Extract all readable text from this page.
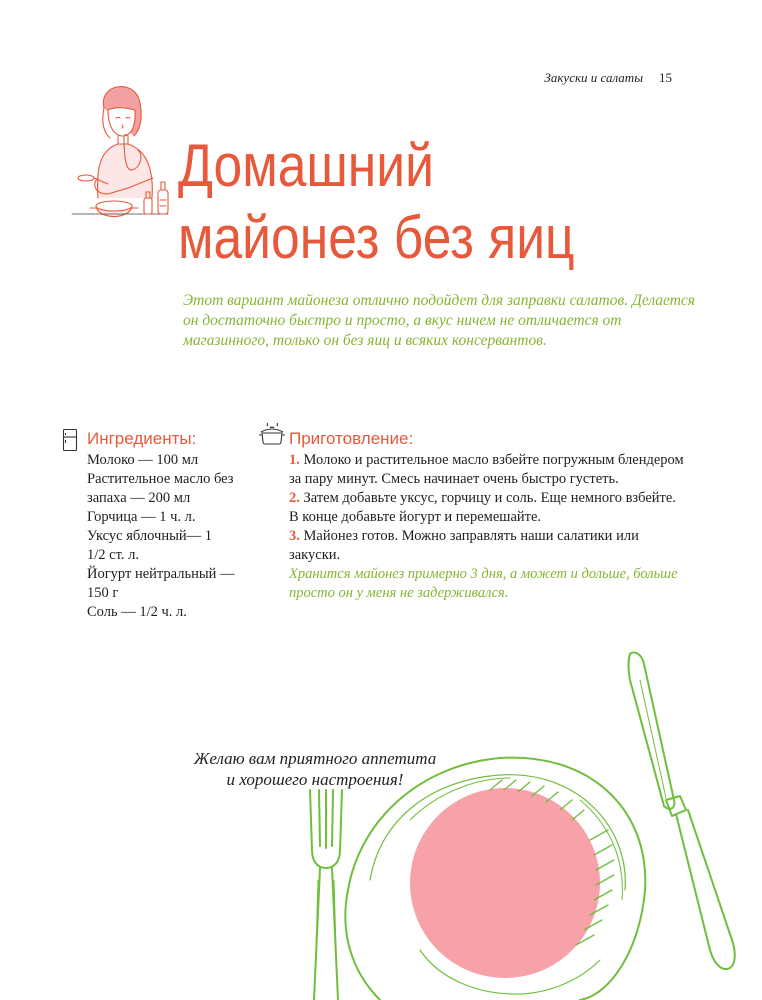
Закуски и салаты 15
Домашний
майонез без яиц
Этот вариант майонеза отлично подойдет для заправки салатов. Делается он достаточно быстро и просто, а вкус ничем не отличается от магазинного, только он без яиц и всяких консервантов.
Ингредиенты:
Молоко — 100 мл
Растительное масло без запаха — 200 мл
Горчица — 1 ч. л.
Уксус яблочный— 1 1/2 ст. л.
Йогурт нейтральный — 150 г
Соль — 1/2 ч. л.
Приготовление:
1. Молоко и растительное масло взбейте погружным блендером за пару минут. Смесь начинает очень быстро густеть.
2. Затем добавьте уксус, горчицу и соль. Еще немного взбейте. В конце добавьте йогурт и перемешайте.
3. Майонез готов. Можно заправлять наши салатики или закуски.
Хранится майонез примерно 3 дня, а может и дольше, больше просто он у меня не задерживался.
Желаю вам приятного аппетита
и хорошего настроения!
